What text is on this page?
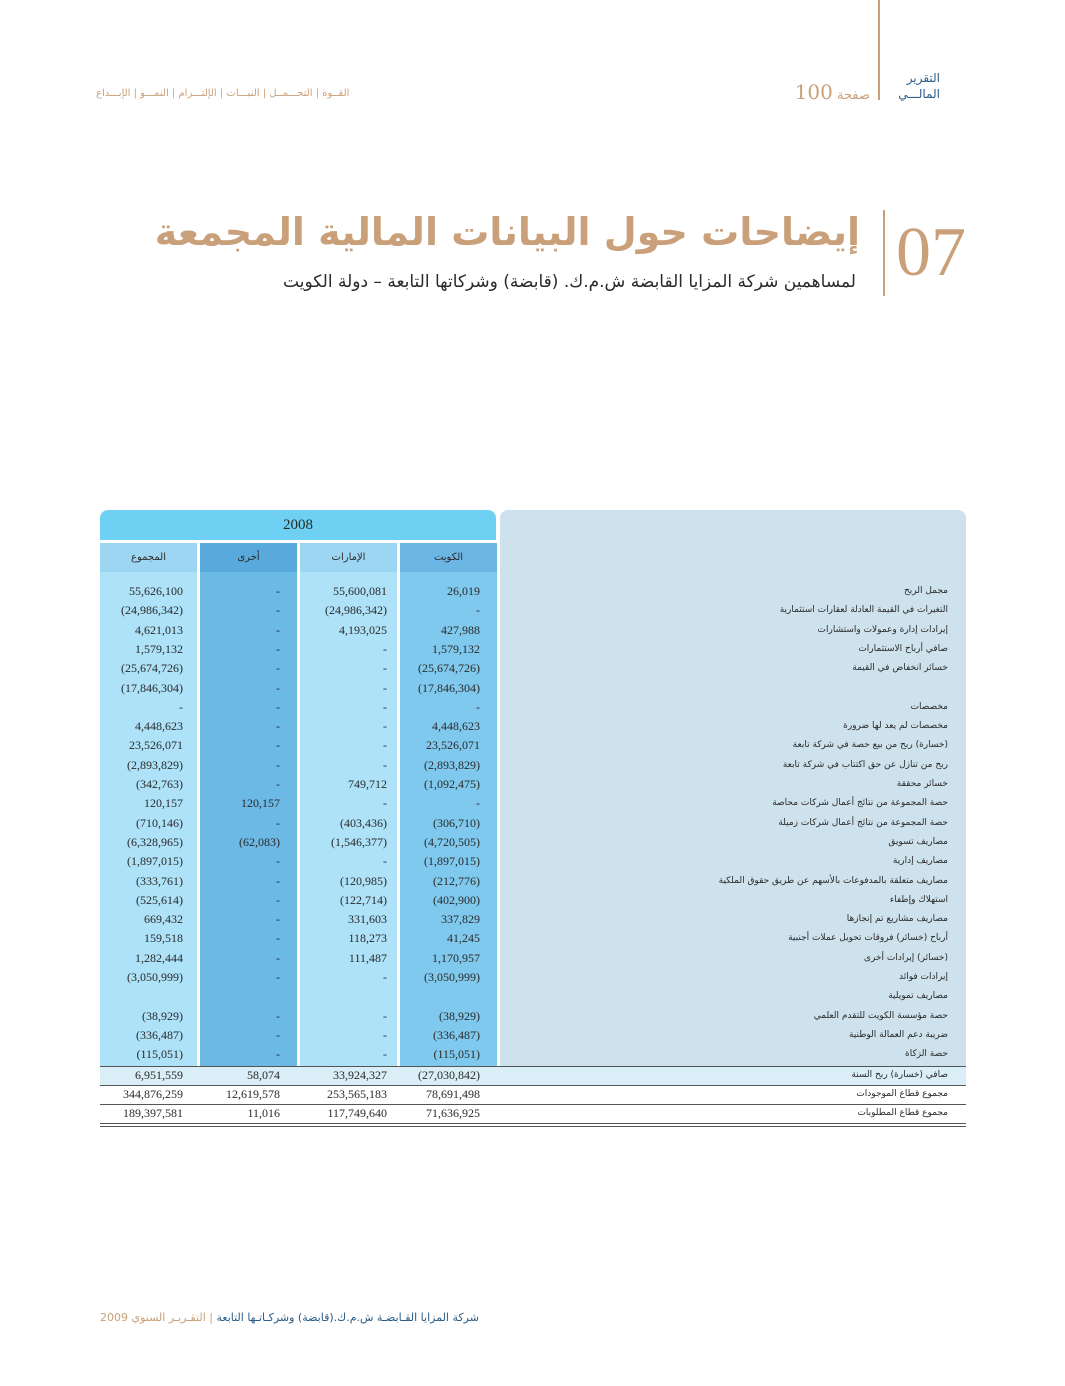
التقرير
المالـــي
صفحة 100
القــوة | التحـــمــل | النبـــات | الإلتـــزام | النمـــو | الإبـــداع
07
إيضاحات حول البيانات المالية المجمعة
لمساهمين شركة المزايا القابضة ش.م.ك. (قابضة) وشركاتها التابعة – دولة الكويت
2008
الكويت
الإمارات
أخرى
المجموع
مجمل الربح
26,019
55,600,081
-
55,626,100
التغيرات في القيمة العادلة لعقارات استثمارية
-
(24,986,342)
-
(24,986,342)
إيرادات إدارة وعمولات واستشارات
427,988
4,193,025
-
4,621,013
صافي أرباح الاستثمارات
1,579,132
-
-
1,579,132
خسائر انخفاض في القيمة
(25,674,726)
-
-
(25,674,726)
(17,846,304)
-
-
(17,846,304)
مخصصات
-
-
-
-
مخصصات لم يعد لها ضرورة
4,448,623
-
-
4,448,623
(خسارة) ربح من بيع حصة في شركة تابعة
23,526,071
-
-
23,526,071
ربح من تنازل عن حق اكتتاب في شركة تابعة
(2,893,829)
-
-
(2,893,829)
خسائر محققة
(1,092,475)
749,712
-
(342,763)
حصة المجموعة من نتائج أعمال شركات محاصة
-
-
120,157
120,157
حصة المجموعة من نتائج أعمال شركات زميلة
(306,710)
(403,436)
-
(710,146)
مصاريف تسويق
(4,720,505)
(1,546,377)
(62,083)
(6,328,965)
مصاريف إدارية
(1,897,015)
-
-
(1,897,015)
مصاريف متعلقة بالمدفوعات بالأسهم عن طريق حقوق الملكية
(212,776)
(120,985)
-
(333,761)
استهلاك وإطفاء
(402,900)
(122,714)
-
(525,614)
مصاريف مشاريع تم إنجازها
337,829
331,603
-
669,432
أرباح (خسائر) فروقات تحويل عملات أجنبية
41,245
118,273
-
159,518
(خسائر) إيرادات أخرى
1,170,957
111,487
-
1,282,444
إيرادات فوائد
(3,050,999)
-
-
(3,050,999)
مصاريف تمويلية
حصة مؤسسة الكويت للتقدم العلمي
(38,929)
-
-
(38,929)
ضريبة دعم العمالة الوطنية
(336,487)
-
-
(336,487)
حصة الزكاة
(115,051)
-
-
(115,051)
صافي (خسارة) ربح السنة
(27,030,842)
33,924,327
58,074
6,951,559
مجموع قطاع الموجودات
78,691,498
253,565,183
12,619,578
344,876,259
مجموع قطاع المطلوبات
71,636,925
117,749,640
11,016
189,397,581
شركة المزايا القـابضـة ش.م.ك.(قابضة) وشركـاتـها التابعة | التقـريـر السنوي 2009
